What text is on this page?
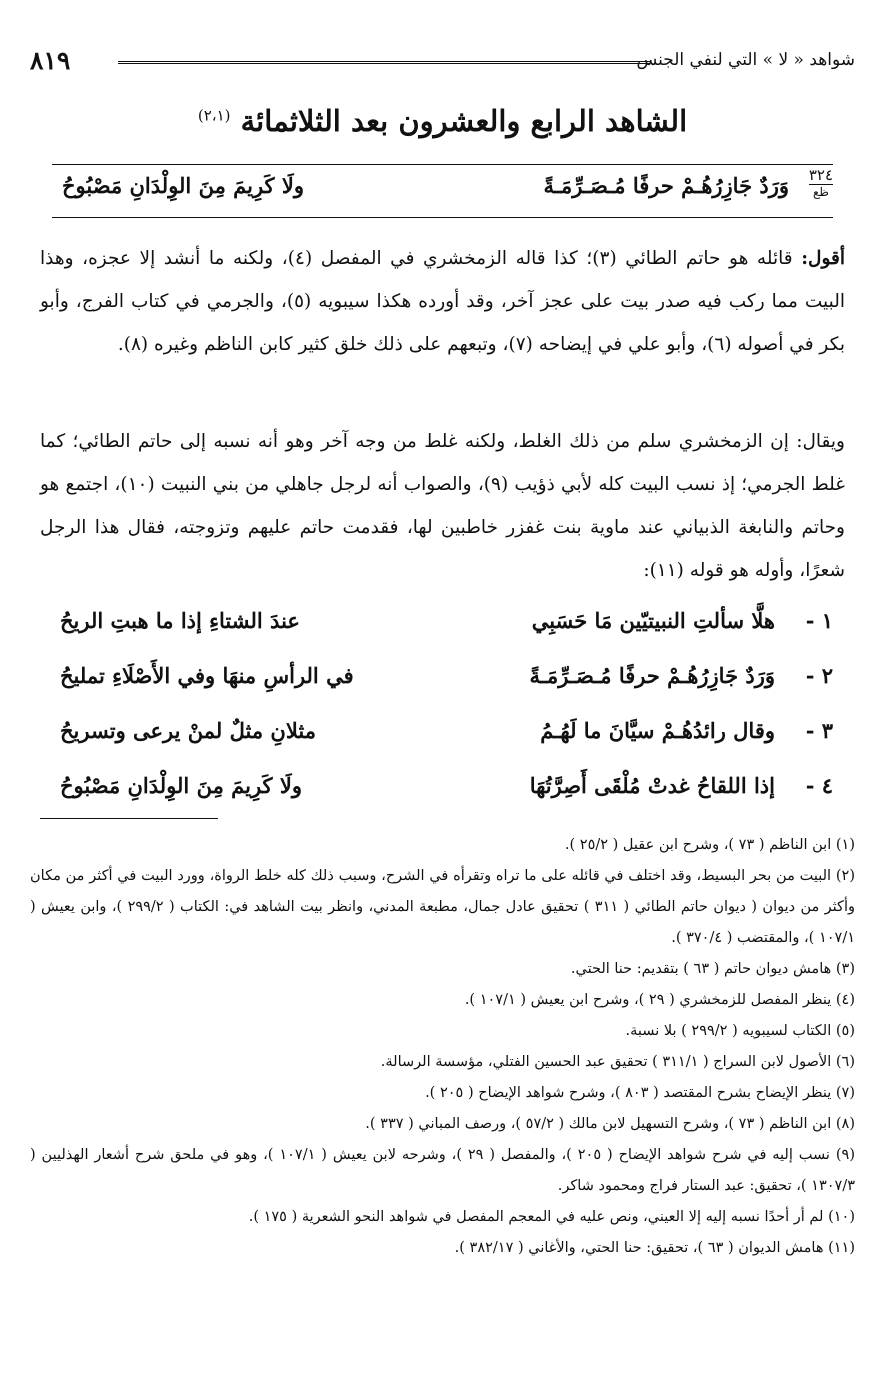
شواهد « لا » التي لنفي الجنس
٨١٩
الشاهد الرابع والعشرون بعد الثلاثمائة $^{(٢،١)}$
٣٢٤
ظع
وَرَدٌ جَازِرُهُـمْ حرفًا مُـصَـرِّمَـةً
ولَا كَرِيمَ مِنَ الوِلْدَانِ مَصْبُوحُ

أقول: قائله هو حاتم الطائي (٣)؛ كذا قاله الزمخشري في المفصل (٤)، ولكنه ما أنشد إلا عجزه، وهذا البيت مما ركب فيه صدر بيت على عجز آخر، وقد أورده هكذا سيبويه (٥)، والجرمي في كتاب الفرج، وأبو بكر في أصوله (٦)، وأبو علي في إيضاحه (٧)، وتبعهم على ذلك خلق كثير كابن الناظم وغيره (٨).

ويقال: إن الزمخشري سلم من ذلك الغلط، ولكنه غلط من وجه آخر وهو أنه نسبه إلى حاتم الطائي؛ كما غلط الجرمي؛ إذ نسب البيت كله لأبي ذؤيب (٩)، والصواب أنه لرجل جاهلي من بني النبيت (١٠)، اجتمع هو وحاتم والنابغة الذبياني عند ماوية بنت غفزر خاطبين لها، فقدمت حاتم عليهم وتزوجته، فقال هذا الرجل شعرًا، وأوله هو قوله (١١):

١ -
هلَّا سألتِ النبيتيّين مَا حَسَبِي
عندَ الشتاءِ إذا ما هبتِ الريحُ
٢ -
وَرَدٌ جَازِرُهُـمْ حرفًا مُـصَـرِّمَـةً
في الرأسِ منهَا وفي الأَصْلَاءِ تمليحُ
٣ -
وقال رائدُهُـمْ سيَّانَ ما لَهُـمُ
مثلانِ مثلٌ لمنْ يرعى وتسريحُ
٤ -
إذا اللقاحُ غدتْ مُلْقَى أَصِرَّتُهَا
ولَا كَرِيمَ مِنَ الوِلْدَانِ مَصْبُوحُ
(١) ابن الناظم ( ٧٣ )، وشرح ابن عقيل ( ٢٥/٢ ).
(٢) البيت من بحر البسيط، وقد اختلف في قائله على ما تراه وتقرأه في الشرح، وسبب ذلك كله خلط الرواة، وورد البيت في أكثر من مكان وأكثر من ديوان ( ديوان حاتم الطائي ( ٣١١ ) تحقيق عادل جمال، مطبعة المدني، وانظر بيت الشاهد في: الكتاب ( ٢٩٩/٢ )، وابن يعيش ( ١٠٧/١ )، والمقتضب ( ٣٧٠/٤ ).
(٣) هامش ديوان حاتم ( ٦٣ ) بتقديم: حنا الحتي.
(٤) ينظر المفصل للزمخشري ( ٢٩ )، وشرح ابن يعيش ( ١٠٧/١ ).
(٥) الكتاب لسيبويه ( ٢٩٩/٢ ) بلا نسبة.
(٦) الأصول لابن السراج ( ٣١١/١ ) تحقيق عبد الحسين الفتلي، مؤسسة الرسالة.
(٧) ينظر الإيضاح بشرح المقتصد ( ٨٠٣ )، وشرح شواهد الإيضاح ( ٢٠٥ ).
(٨) ابن الناظم ( ٧٣ )، وشرح التسهيل لابن مالك ( ٥٧/٢ )، ورصف المباني ( ٣٣٧ ).
(٩) نسب إليه في شرح شواهد الإيضاح ( ٢٠٥ )، والمفصل ( ٢٩ )، وشرحه لابن يعيش ( ١٠٧/١ )، وهو في ملحق شرح أشعار الهذليين ( ١٣٠٧/٣ )، تحقيق: عبد الستار فراج ومحمود شاكر.
(١٠) لم أر أحدًا نسبه إليه إلا العيني، ونص عليه في المعجم المفصل في شواهد النحو الشعرية ( ١٧٥ ).
(١١) هامش الديوان ( ٦٣ )، تحقيق: حنا الحتي، والأغاني ( ٣٨٢/١٧ ).
